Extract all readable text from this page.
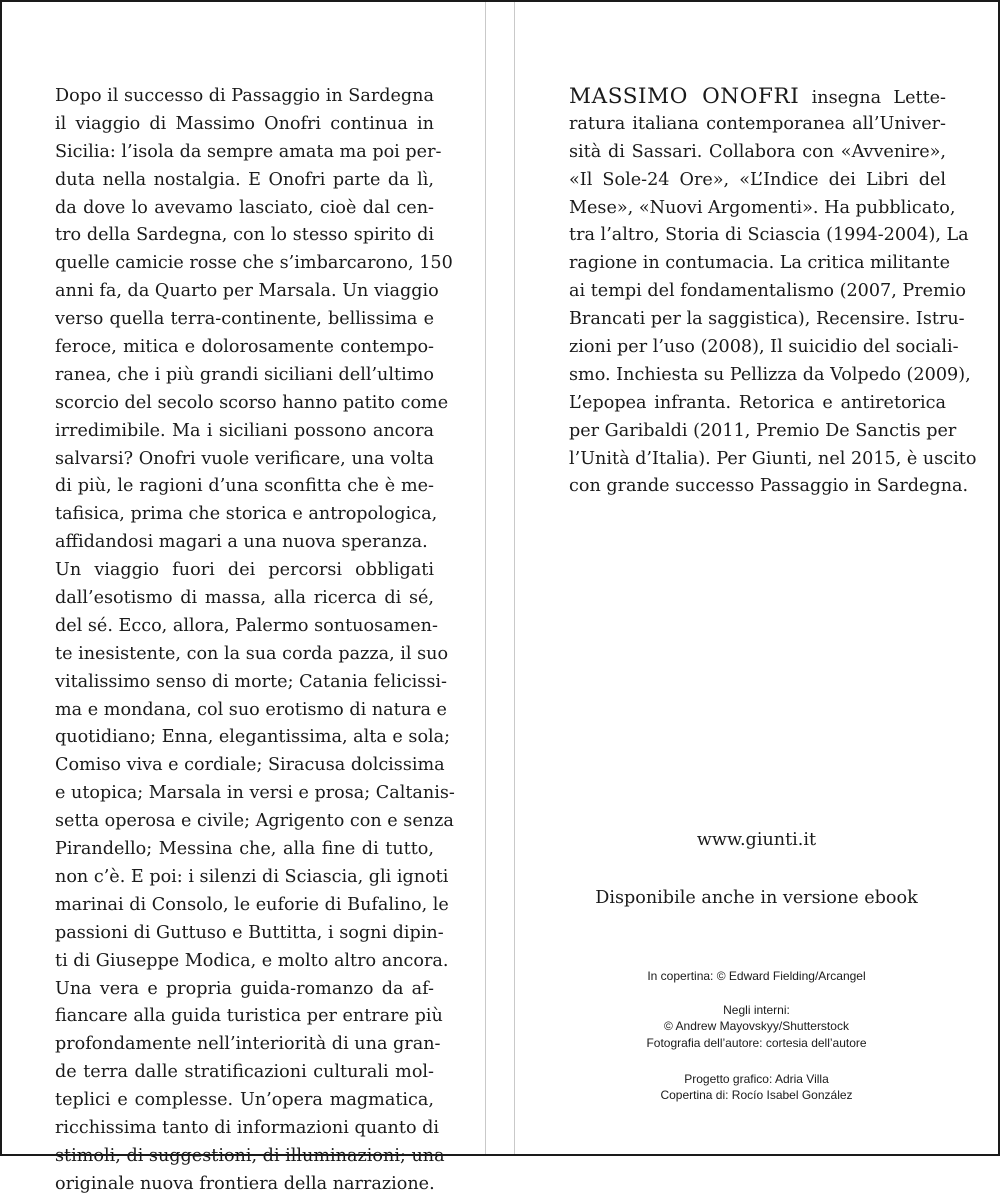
Dopo il successo di Passaggio in Sardegna
il viaggio di Massimo Onofri continua in
Sicilia: l’isola da sempre amata ma poi per-
duta nella nostalgia. E Onofri parte da lì,
da dove lo avevamo lasciato, cioè dal cen-
tro della Sardegna, con lo stesso spirito di
quelle camicie rosse che s’imbarcarono, 150
anni fa, da Quarto per Marsala. Un viaggio
verso quella terra-continente, bellissima e
feroce, mitica e dolorosamente contempo-
ranea, che i più grandi siciliani dell’ultimo
scorcio del secolo scorso hanno patito come
irredimibile. Ma i siciliani possono ancora
salvarsi? Onofri vuole verificare, una volta
di più, le ragioni d’una sconfitta che è me-
tafisica, prima che storica e antropologica,
affidandosi magari a una nuova speranza.
Un viaggio fuori dei percorsi obbligati
dall’esotismo di massa, alla ricerca di sé,
del sé. Ecco, allora, Palermo sontuosamen-
te inesistente, con la sua corda pazza, il suo
vitalissimo senso di morte; Catania felicissi-
ma e mondana, col suo erotismo di natura e
quotidiano; Enna, elegantissima, alta e sola;
Comiso viva e cordiale; Siracusa dolcissima
e utopica; Marsala in versi e prosa; Caltanis-
setta operosa e civile; Agrigento con e senza
Pirandello; Messina che, alla fine di tutto,
non c’è. E poi: i silenzi di Sciascia, gli ignoti
marinai di Consolo, le euforie di Bufalino, le
passioni di Guttuso e Buttitta, i sogni dipin-
ti di Giuseppe Modica, e molto altro ancora.
Una vera e propria guida-romanzo da af-
fiancare alla guida turistica per entrare più
profondamente nell’interiorità di una gran-
de terra dalle stratificazioni culturali mol-
teplici e complesse. Un’opera magmatica,
ricchissima tanto di informazioni quanto di
stimoli, di suggestioni, di illuminazioni; una
originale nuova frontiera della narrazione.
MASSIMO ONOFRI insegna Lette-
ratura italiana contemporanea all’Univer-
sità di Sassari. Collabora con «Avvenire»,
«Il Sole-24 Ore», «L’Indice dei Libri del
Mese», «Nuovi Argomenti». Ha pubblicato,
tra l’altro, Storia di Sciascia (1994-2004), La
ragione in contumacia. La critica militante
ai tempi del fondamentalismo (2007, Premio
Brancati per la saggistica), Recensire. Istru-
zioni per l’uso (2008), Il suicidio del sociali-
smo. Inchiesta su Pellizza da Volpedo (2009),
L’epopea infranta. Retorica e antiretorica
per Garibaldi (2011, Premio De Sanctis per
l’Unità d’Italia). Per Giunti, nel 2015, è uscito
con grande successo Passaggio in Sardegna.
www.giunti.it
Disponibile anche in versione ebook
In copertina: © Edward Fielding/Arcangel
Negli interni:
© Andrew Mayovskyy/Shutterstock
Fotografia dell’autore: cortesia dell’autore
Progetto grafico: Adria Villa
Copertina di: Rocío Isabel González
